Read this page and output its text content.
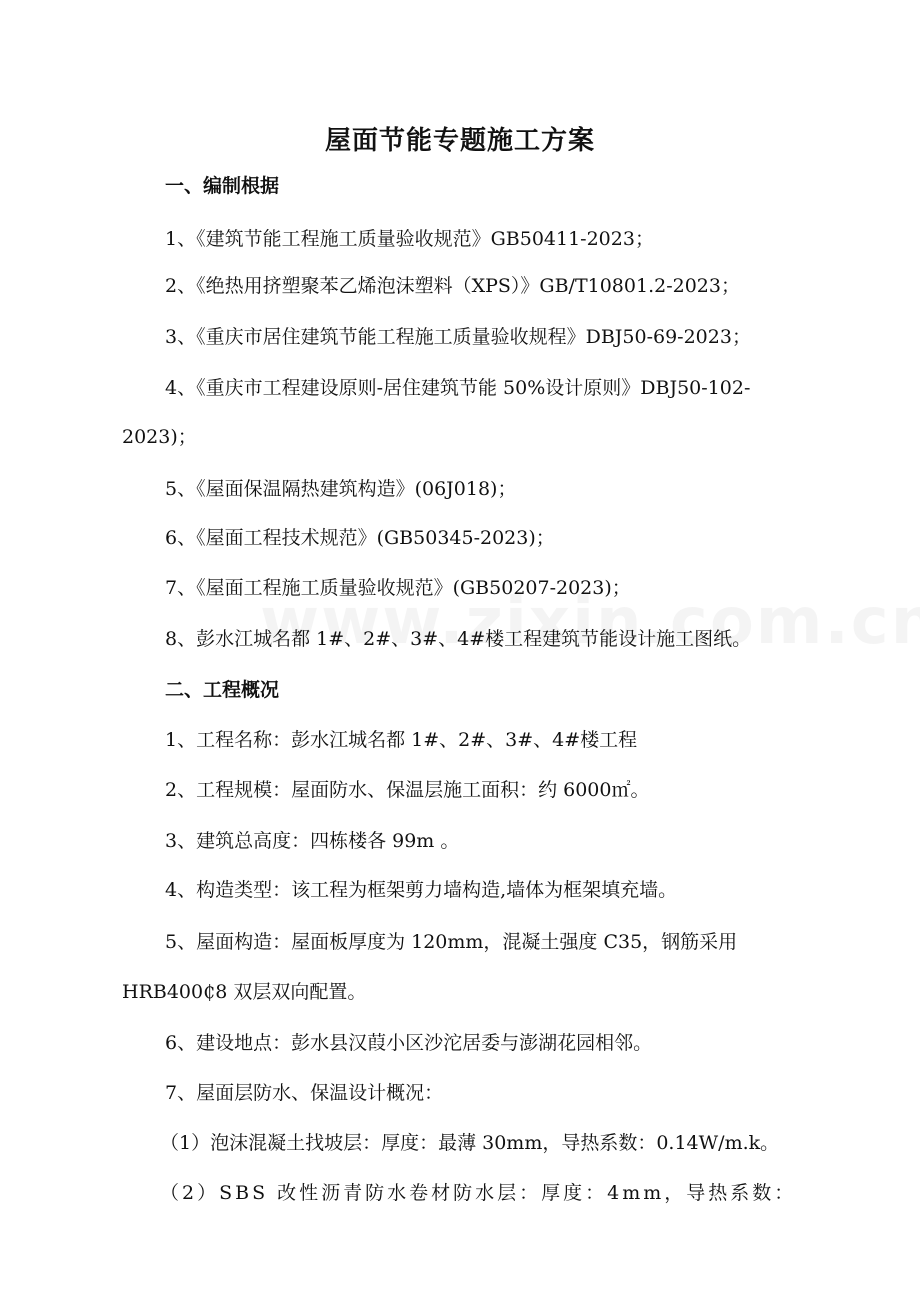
屋面节能专题施工方案
一、编制根据
1、《建筑节能工程施工质量验收规范》GB50411-2023；
2、《绝热用挤塑聚苯乙烯泡沫塑料（XPS）》GB/T10801.2-2023；
3、《重庆市居住建筑节能工程施工质量验收规程》DBJ50-69-2023；
4、《重庆市工程建设原则-居住建筑节能 50%设计原则》DBJ50-102-
2023)；
5、《屋面保温隔热建筑构造》(06J018)；
6、《屋面工程技术规范》(GB50345-2023)；
7、《屋面工程施工质量验收规范》(GB50207-2023)；
8、彭水江城名都 1#、2#、3#、4#楼工程建筑节能设计施工图纸。
二、工程概况
1、工程名称：彭水江城名都 1#、2#、3#、4#楼工程
2、工程规模：屋面防水、保温层施工面积：约 6000㎡。
3、建筑总高度：四栋楼各 99m 。
4、构造类型：该工程为框架剪力墙构造,墙体为框架填充墙。
5、屋面构造：屋面板厚度为 120mm，混凝土强度 C35，钢筋采用
HRB400₵8 双层双向配置。
6、建设地点：彭水县汉葭小区沙沱居委与澎湖花园相邻。
7、屋面层防水、保温设计概况：
（1）泡沫混凝土找坡层：厚度：最薄 30mm，导热系数：0.14W/m.k。
（2）SBS 改性沥青防水卷材防水层：厚度：4mm，导热系数：
